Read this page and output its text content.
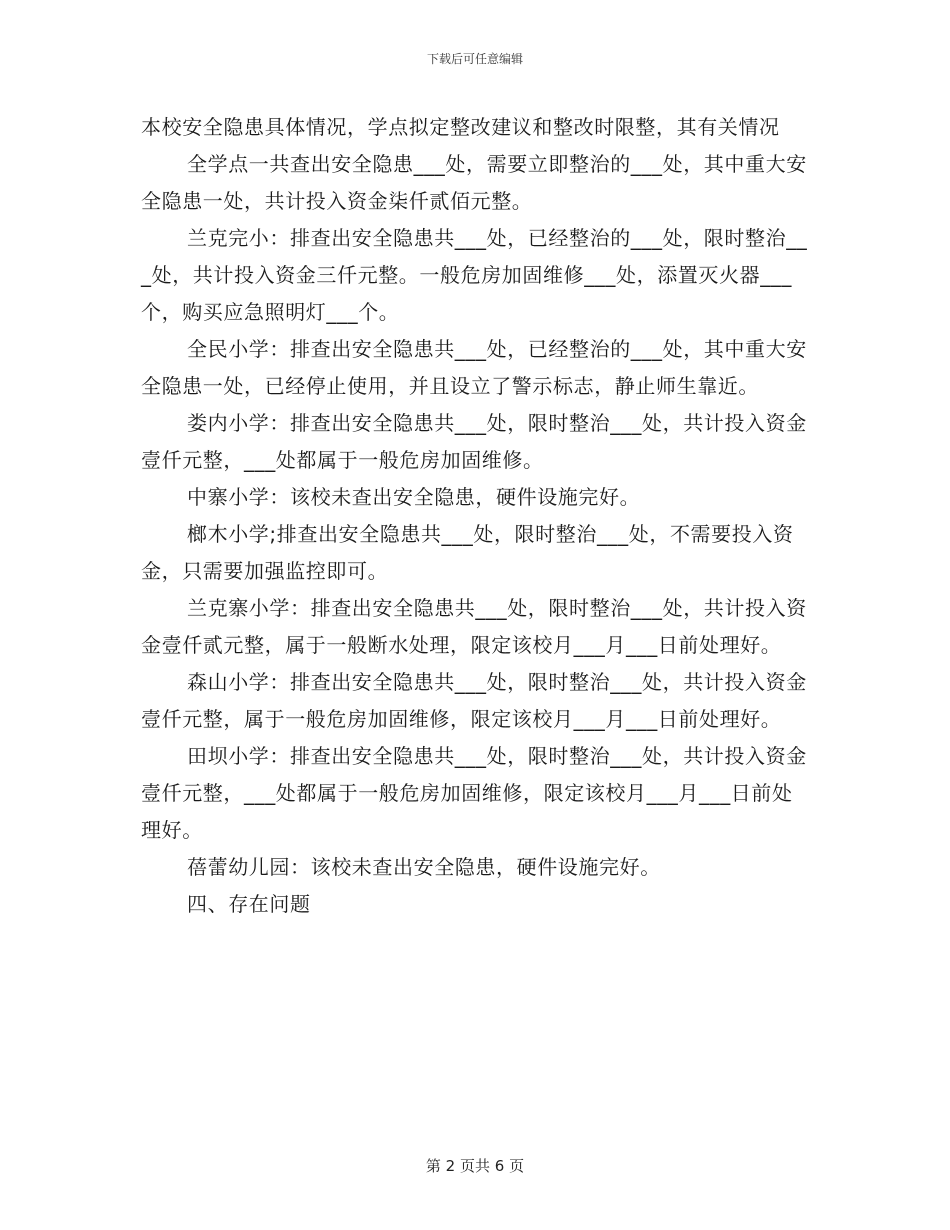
下载后可任意编辑

本校安全隐患具体情况，学点拟定整改建议和整改时限整，其有关情况

全学点一共查出安全隐患___处，需要立即整治的___处，其中重大安全隐患一处，共计投入资金柒仟贰佰元整。

兰克完小：排查出安全隐患共___处，已经整治的___处，限时整治___处，共计投入资金三仟元整。一般危房加固维修___处，添置灭火器___个，购买应急照明灯___个。

全民小学：排查出安全隐患共___处，已经整治的___处，其中重大安全隐患一处，已经停止使用，并且设立了警示标志，静止师生靠近。

娄内小学：排查出安全隐患共___处，限时整治___处，共计投入资金壹仟元整，___处都属于一般危房加固维修。

中寨小学：该校未查出安全隐患，硬件设施完好。

榔木小学;排查出安全隐患共___处，限时整治___处，不需要投入资金，只需要加强监控即可。

兰克寨小学：排查出安全隐患共___处，限时整治___处，共计投入资金壹仟贰元整，属于一般断水处理，限定该校月___月___日前处理好。

森山小学：排查出安全隐患共___处，限时整治___处，共计投入资金壹仟元整，属于一般危房加固维修，限定该校月___月___日前处理好。

田坝小学：排查出安全隐患共___处，限时整治___处，共计投入资金壹仟元整，___处都属于一般危房加固维修，限定该校月___月___日前处理好。

蓓蕾幼儿园：该校未查出安全隐患，硬件设施完好。

四、存在问题

第 2 页共 6 页
